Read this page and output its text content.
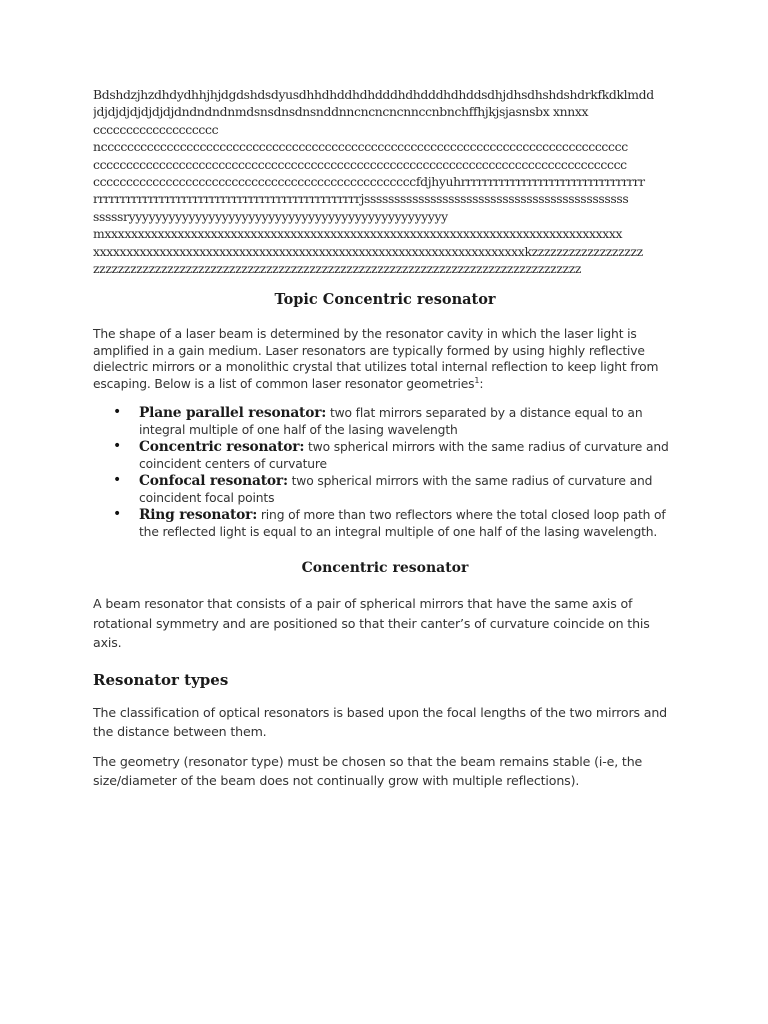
Bdshdzjhzdhdydhhjhjdgdshdsdyusdhhdhddhdhdddhdhdddhdhddsdhjdhsdhshdshdrkfkdklmdd
jdjdjdjdjdjdjdjdndndndnmdsnsdnsdnsnddnncncncncnnccnbnchffhjkjsjasnsbx xnnxx
ccccccccccccccccccc
ncccccccccccccccccccccccccccccccccccccccccccccccccccccccccccccccccccccccccccccccc
ccccccccccccccccccccccccccccccccccccccccccccccccccccccccccccccccccccccccccccccccc
cccccccccccccccccccccccccccccccccccccccccccccccccfdjhyuhrrrrrrrrrrrrrrrrrrrrrrrrrrrrrrrrr
rrrrrrrrrrrrrrrrrrrrrrrrrrrrrrrrrrrrrrrrrrrrrrrrjssssssssssssssssssssssssssssssssssssssssssss
sssssryyyyyyyyyyyyyyyyyyyyyyyyyyyyyyyyyyyyyyyyyyyyyyyy
mxxxxxxxxxxxxxxxxxxxxxxxxxxxxxxxxxxxxxxxxxxxxxxxxxxxxxxxxxxxxxxxxxxxxxxxxxxxxxx
xxxxxxxxxxxxxxxxxxxxxxxxxxxxxxxxxxxxxxxxxxxxxxxxxxxxxxxxxxxxxxxxxkzzzzzzzzzzzzzzzzzz
zzzzzzzzzzzzzzzzzzzzzzzzzzzzzzzzzzzzzzzzzzzzzzzzzzzzzzzzzzzzzzzzzzzzzzzzzzzzzzz
Topic Concentric resonator

The shape of a laser beam is determined by the resonator cavity in which the laser light is amplified in a gain medium. Laser resonators are typically formed by using highly reflective dielectric mirrors or a monolithic crystal that utilizes total internal reflection to keep light from escaping. Below is a list of common laser resonator geometries$^1$:

• Plane parallel resonator: two flat mirrors separated by a distance equal to an integral multiple of one half of the lasing wavelength
• Concentric resonator: two spherical mirrors with the same radius of curvature and coincident centers of curvature
• Confocal resonator: two spherical mirrors with the same radius of curvature and coincident focal points
• Ring resonator: ring of more than two reflectors where the total closed loop path of the reflected light is equal to an integral multiple of one half of the lasing wavelength.
Concentric resonator

A beam resonator that consists of a pair of spherical mirrors that have the same axis of rotational symmetry and are positioned so that their canter’s of curvature coincide on this axis.

Resonator types

The classification of optical resonators is based upon the focal lengths of the two mirrors and the distance between them.

The geometry (resonator type) must be chosen so that the beam remains stable (i-e, the size/diameter of the beam does not continually grow with multiple reflections).
